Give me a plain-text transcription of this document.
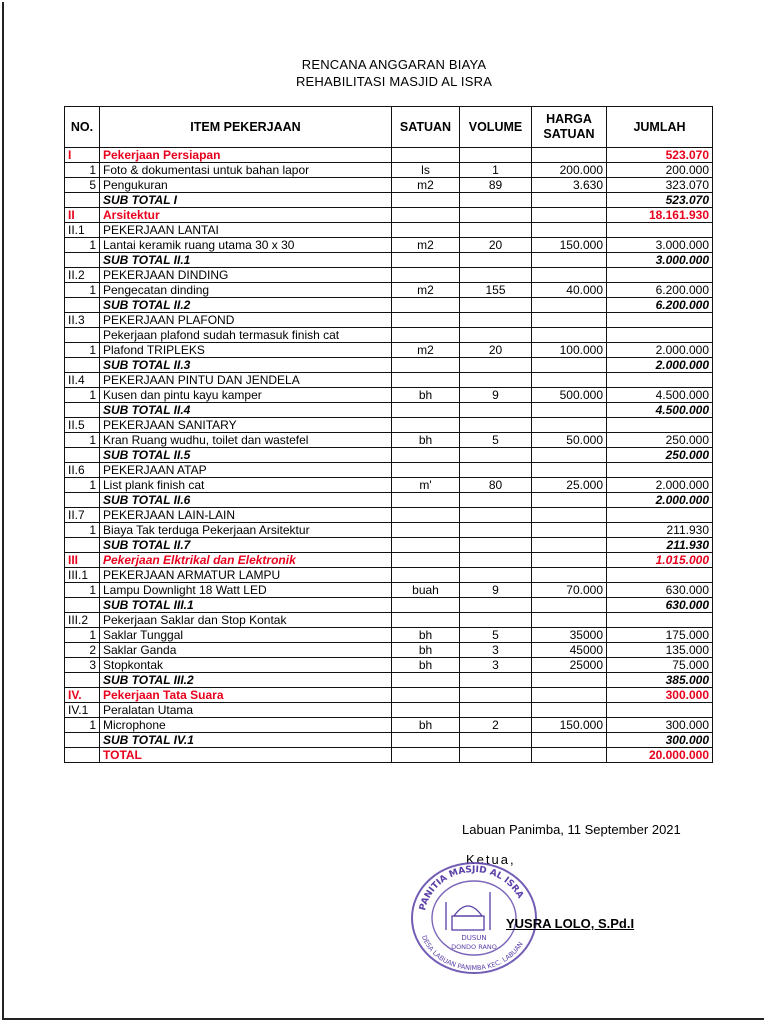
RENCANA ANGGARAN BIAYA
REHABILITASI MASJID AL ISRA
NO.	ITEM PEKERJAAN	SATUAN	VOLUME	HARGA SATUAN	JUMLAH
I	Pekerjaan Persiapan				523.070
1	Foto & dokumentasi untuk bahan lapor	ls	1	200.000	200.000
5	Pengukuran	m2	89	3.630	323.070
	SUB TOTAL I				523.070
II	Arsitektur				18.161.930
II.1	PEKERJAAN LANTAI				
1	Lantai keramik ruang utama 30 x 30	m2	20	150.000	3.000.000
	SUB TOTAL II.1				3.000.000
II.2	PEKERJAAN DINDING				
1	Pengecatan dinding	m2	155	40.000	6.200.000
	SUB TOTAL II.2				6.200.000
II.3	PEKERJAAN PLAFOND				
	Pekerjaan plafond sudah termasuk finish cat				
1	Plafond TRIPLEKS	m2	20	100.000	2.000.000
	SUB TOTAL II.3				2.000.000
II.4	PEKERJAAN PINTU DAN JENDELA				
1	Kusen dan pintu kayu kamper	bh	9	500.000	4.500.000
	SUB TOTAL II.4				4.500.000
II.5	PEKERJAAN SANITARY				
1	Kran Ruang wudhu, toilet dan wastefel	bh	5	50.000	250.000
	SUB TOTAL II.5				250.000
II.6	PEKERJAAN ATAP				
1	List plank finish cat	m'	80	25.000	2.000.000
	SUB TOTAL II.6				2.000.000
II.7	PEKERJAAN LAIN-LAIN				
1	Biaya Tak terduga Pekerjaan Arsitektur				211.930
	SUB TOTAL II.7				211.930
III	Pekerjaan Elktrikal dan Elektronik				1.015.000
III.1	PEKERJAAN ARMATUR LAMPU				
1	Lampu Downlight 18 Watt LED	buah	9	70.000	630.000
	SUB TOTAL III.1				630.000
III.2	Pekerjaan Saklar dan Stop Kontak				
1	Saklar Tunggal	bh	5	35000	175.000
2	Saklar Ganda	bh	3	45000	135.000
3	Stopkontak	bh	3	25000	75.000
	SUB TOTAL III.2				385.000
IV.	Pekerjaan Tata Suara				300.000
IV.1	Peralatan Utama				
1	Microphone	bh	2	150.000	300.000
	SUB TOTAL IV.1				300.000
	TOTAL				20.000.000
Labuan Panimba, 11 September 2021
Ketua,
PANITIA MASJID AL ISRA
DESA LABUAN PANIMBA KEC. LABUAN
DUSUN
DONDO RANO
YUSRA LOLO, S.Pd.I
